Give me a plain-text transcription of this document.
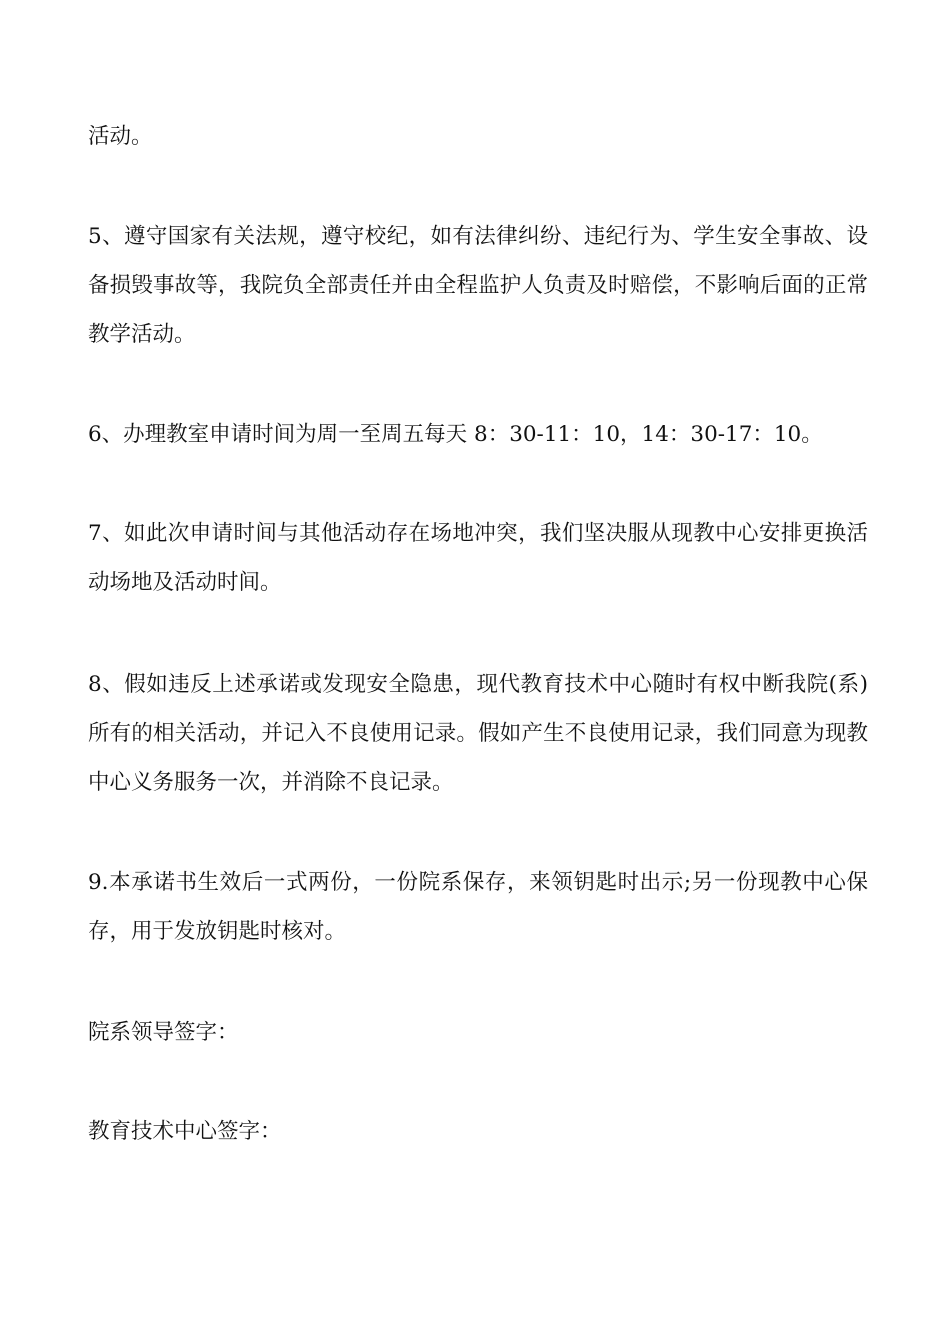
活动。

5、遵守国家有关法规，遵守校纪，如有法律纠纷、违纪行为、学生安全事故、设备损毁事故等，我院负全部责任并由全程监护人负责及时赔偿，不影响后面的正常教学活动。

6、办理教室申请时间为周一至周五每天 8：30-11：10，14：30-17：10。

7、如此次申请时间与其他活动存在场地冲突，我们坚决服从现教中心安排更换活动场地及活动时间。

8、假如违反上述承诺或发现安全隐患，现代教育技术中心随时有权中断我院(系)所有的相关活动，并记入不良使用记录。假如产生不良使用记录，我们同意为现教中心义务服务一次，并消除不良记录。

9.本承诺书生效后一式两份，一份院系保存，来领钥匙时出示;另一份现教中心保存，用于发放钥匙时核对。

院系领导签字：

教育技术中心签字：
